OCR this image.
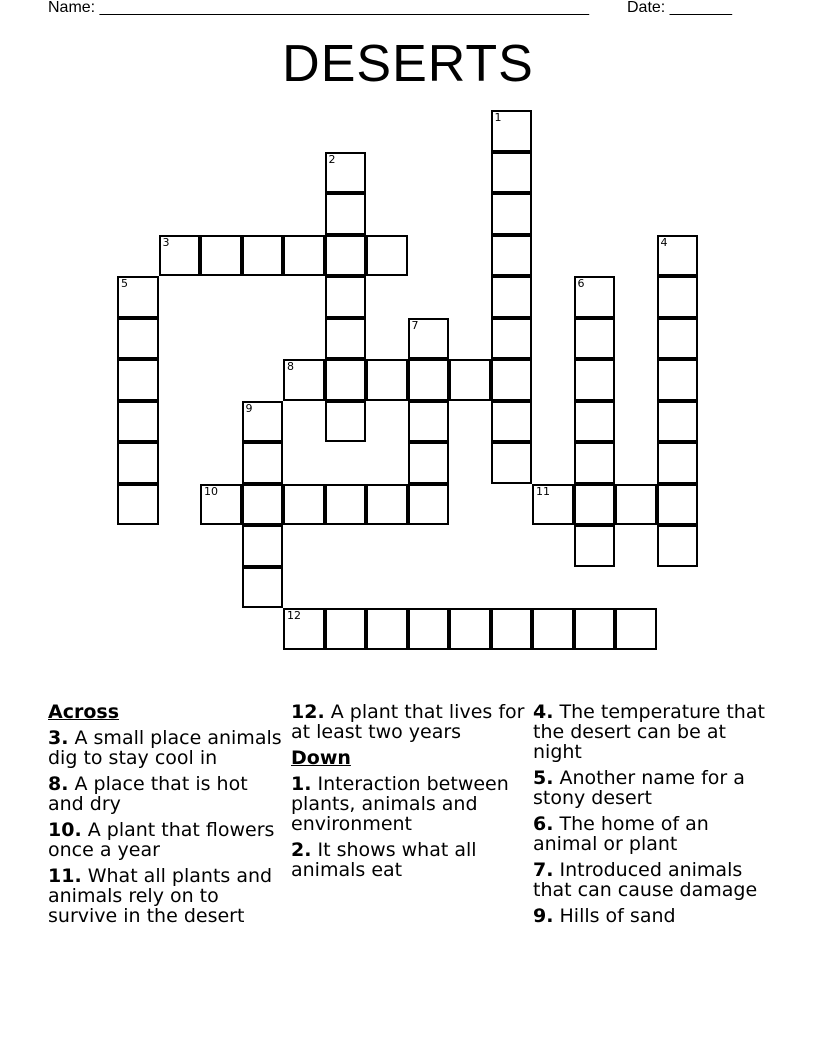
Name: _______________________________________________________ Date: _______
DESERTS
1
2
3	4
5	6
7
8
9
10	11
12
Across
3. A small place animals dig to stay cool in
8. A place that is hot and dry
10. A plant that flowers once a year
11. What all plants and animals rely on to survive in the desert
12. A plant that lives for at least two years
Down
1. Interaction between plants, animals and environment
2. It shows what all animals eat
4. The temperature that the desert can be at night
5. Another name for a stony desert
6. The home of an animal or plant
7. Introduced animals that can cause damage
9. Hills of sand
